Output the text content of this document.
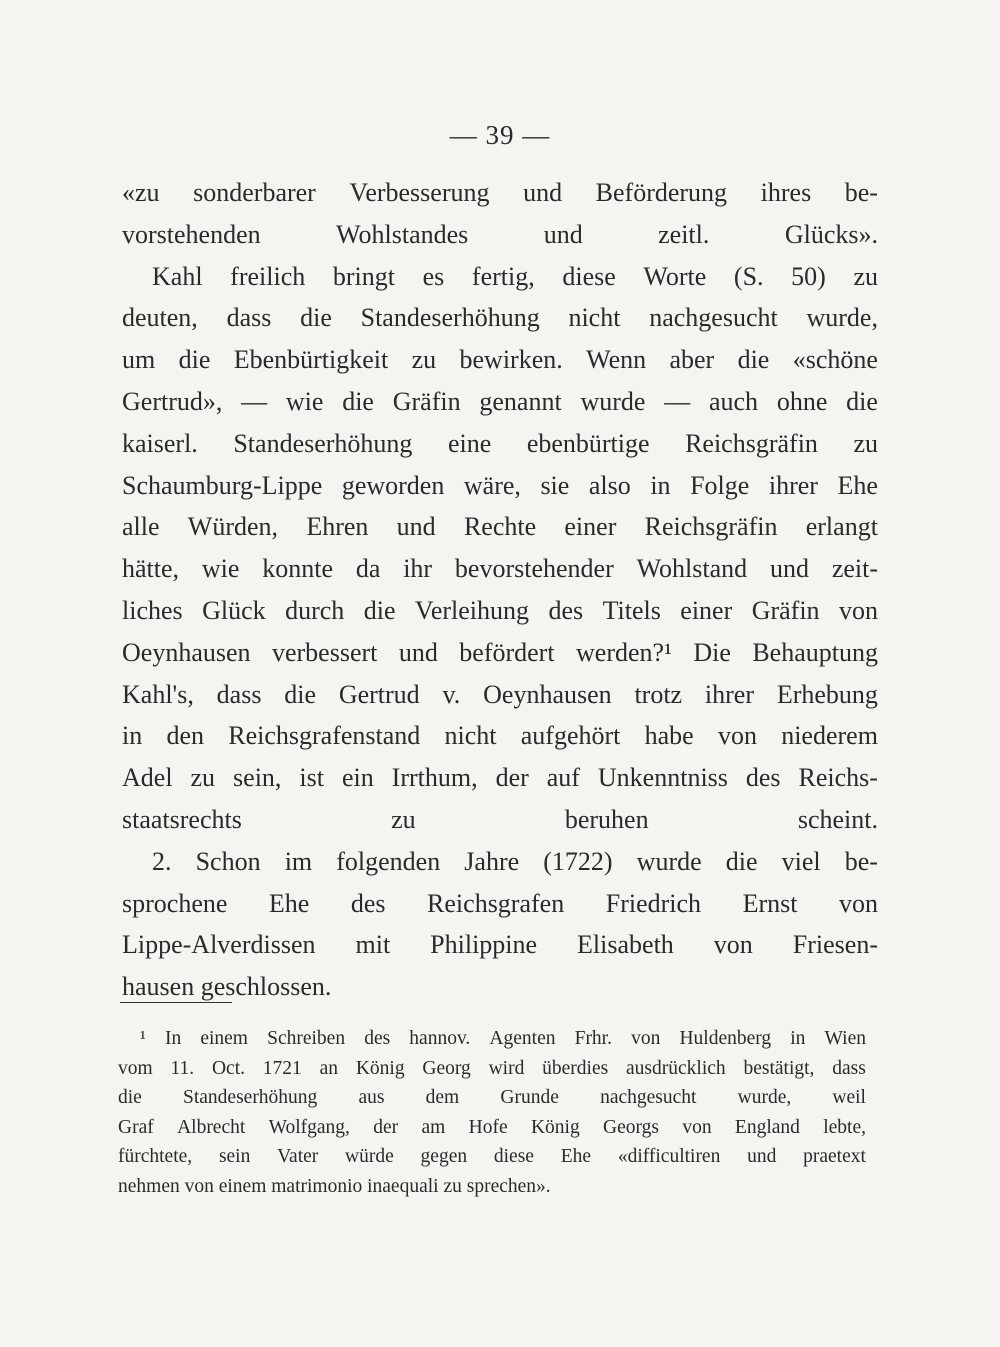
— 39 —
«zu sonderbarer Verbesserung und Beförderung ihres be-
vorstehenden	Wohlstandes	und	zeitl.	Glücks».
Kahl freilich bringt es fertig, diese Worte (S. 50) zu
deuten, dass die Standeserhöhung nicht nachgesucht wurde,
um die Ebenbürtigkeit zu bewirken. Wenn aber die «schöne
Gertrud», — wie die Gräfin genannt wurde — auch ohne die
kaiserl. Standeserhöhung eine ebenbürtige Reichsgräfin zu
Schaumburg-Lippe geworden wäre, sie also in Folge ihrer Ehe
alle Würden, Ehren und Rechte einer Reichsgräfin erlangt
hätte, wie konnte da ihr bevorstehender Wohlstand und zeit-
liches Glück durch die Verleihung des Titels einer Gräfin von
Oeynhausen verbessert und befördert werden?¹ Die Behauptung
Kahl's, dass die Gertrud v. Oeynhausen trotz ihrer Erhebung
in den Reichsgrafenstand nicht aufgehört habe von niederem
Adel zu sein, ist ein Irrthum, der auf Unkenntniss des Reichs-
staatsrechts	zu	beruhen	scheint.
2. Schon im folgenden Jahre (1722) wurde die viel be-
sprochene Ehe des Reichsgrafen Friedrich Ernst von
Lippe-Alverdissen mit Philippine Elisabeth von Friesen-
hausen geschlossen.
¹ In einem Schreiben des hannov. Agenten Frhr. von Huldenberg in Wien
vom 11. Oct. 1721 an König Georg wird überdies ausdrücklich bestätigt, dass
die Standeserhöhung aus dem Grunde nachgesucht wurde, weil
Graf Albrecht Wolfgang, der am Hofe König Georgs von England lebte,
fürchtete, sein Vater würde gegen diese Ehe «difficultiren und praetext
nehmen von einem matrimonio inaequali zu sprechen».
